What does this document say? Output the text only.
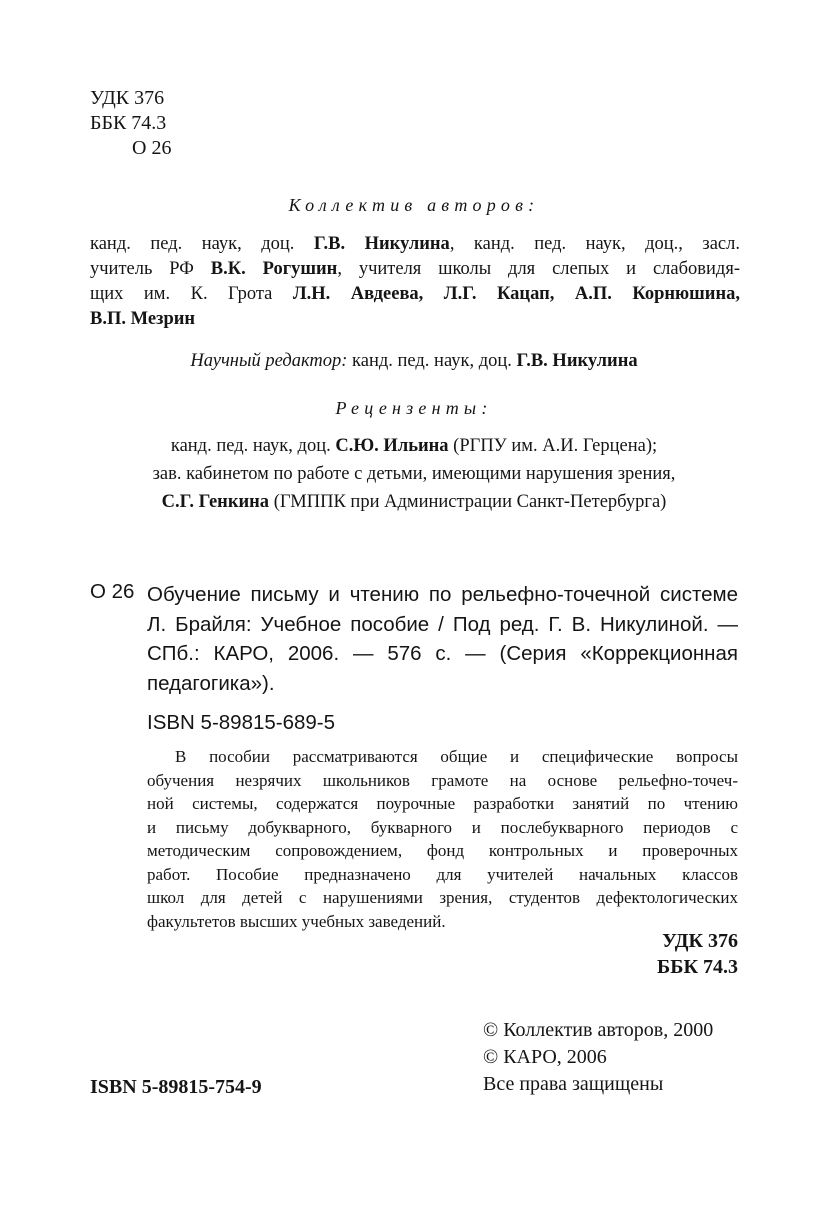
УДК 376
ББК 74.3
О 26
Коллектив авторов:
канд. пед. наук, доц. Г.В. Никулина, канд. пед. наук, доц., засл.
учитель РФ В.К. Рогушин, учителя школы для слепых и слабовидя-
щих им. К. Грота Л.Н. Авдеева, Л.Г. Кацап, А.П. Корнюшина,
В.П. Мезрин
Научный редактор: канд. пед. наук, доц. Г.В. Никулина
Рецензенты:
канд. пед. наук, доц. С.Ю. Ильина (РГПУ им. А.И. Герцена);
зав. кабинетом по работе с детьми, имеющими нарушения зрения,
С.Г. Генкина (ГМППК при Администрации Санкт-Петербурга)
О 26 Обучение письму и чтению по рельефно-точечной системе
Л. Брайля: Учебное пособие / Под ред. Г. В. Никулиной. —
СПб.: КАРО, 2006. — 576 с. — (Серия «Коррекционная
педагогика»).
ISBN 5-89815-689-5
В пособии рассматриваются общие и специфические вопросы
обучения незрячих школьников грамоте на основе рельефно-точеч-
ной системы, содержатся поурочные разработки занятий по чтению
и письму добукварного, букварного и послебукварного периодов с
методическим сопровождением, фонд контрольных и проверочных
работ. Пособие предназначено для учителей начальных классов
школ для детей с нарушениями зрения, студентов дефектологических
факультетов высших учебных заведений.
УДК 376
ББК 74.3
© Коллектив авторов, 2000
© КАРО, 2006
Все права защищены
ISBN 5-89815-754-9
